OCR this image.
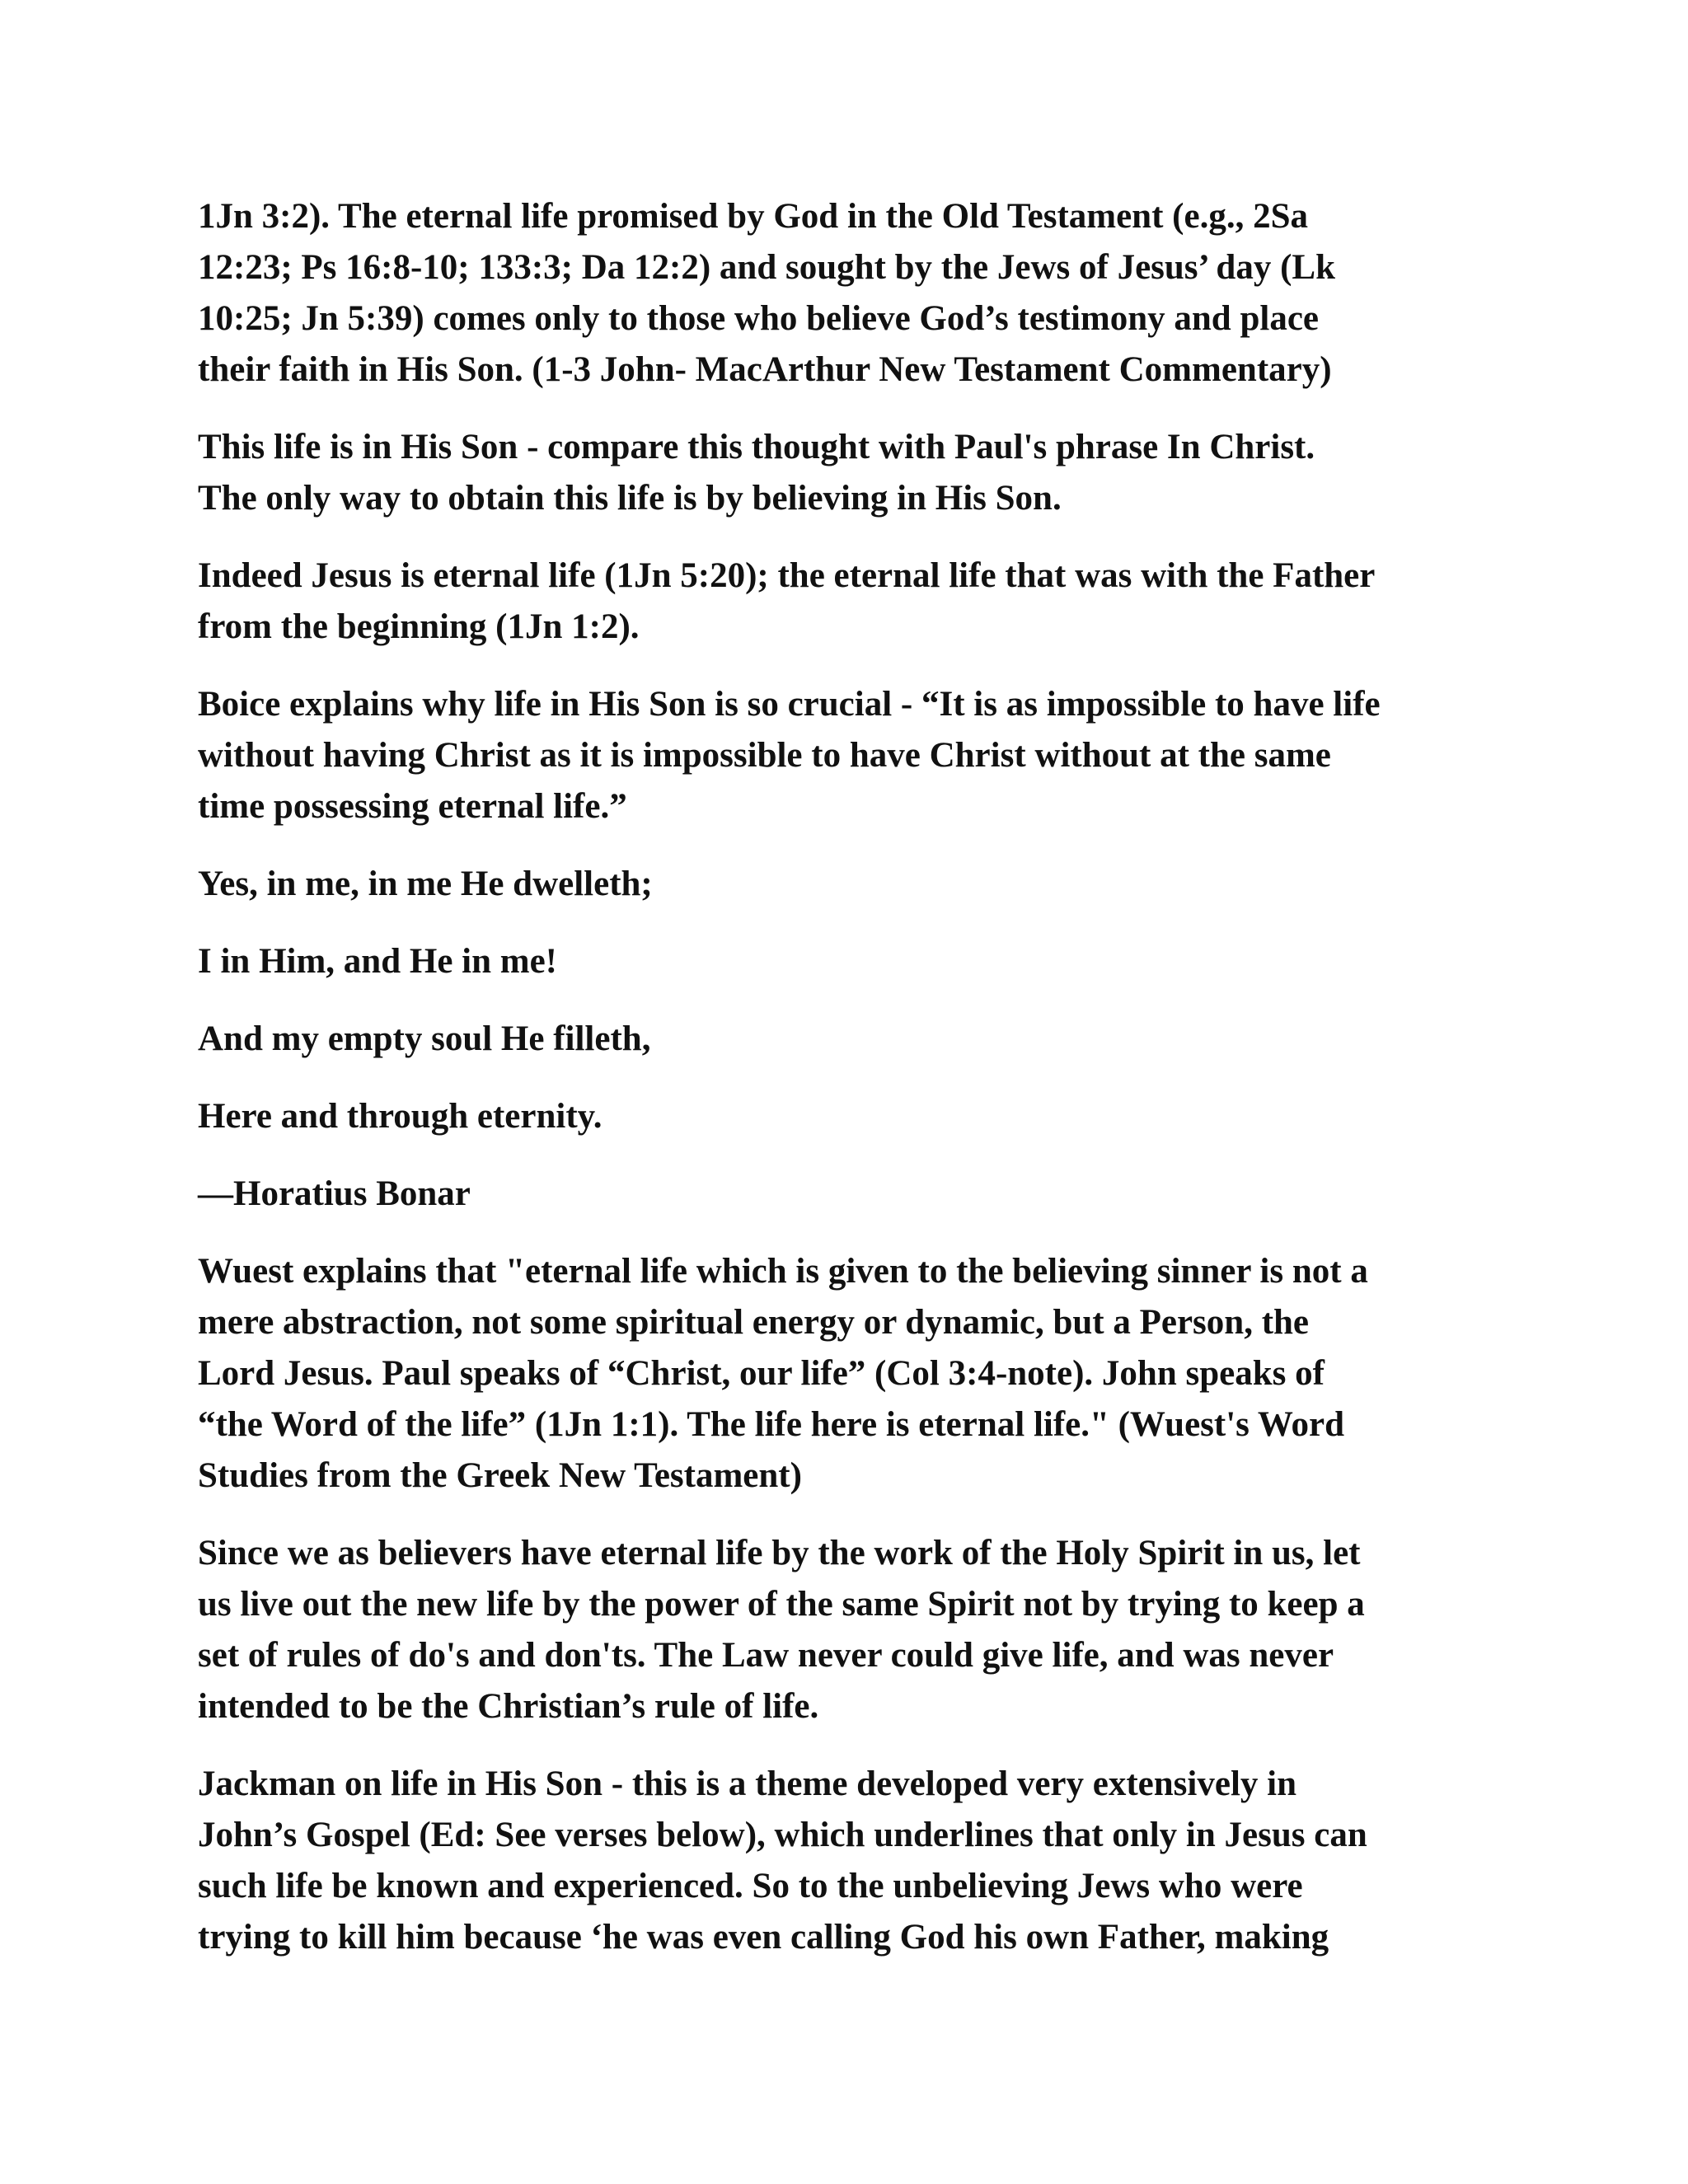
1Jn 3:2). The eternal life promised by God in the Old Testament (e.g., 2Sa
12:23; Ps 16:8-10; 133:3; Da 12:2) and sought by the Jews of Jesus’ day (Lk
10:25; Jn 5:39) comes only to those who believe God’s testimony and place
their faith in His Son. (1-3 John- MacArthur New Testament Commentary)
This life is in His Son - compare this thought with Paul's phrase In Christ.
The only way to obtain this life is by believing in His Son.
Indeed Jesus is eternal life (1Jn 5:20); the eternal life that was with the Father
from the beginning (1Jn 1:2).
Boice explains why life in His Son is so crucial - “It is as impossible to have life
without having Christ as it is impossible to have Christ without at the same
time possessing eternal life.”
Yes, in me, in me He dwelleth;
I in Him, and He in me!
And my empty soul He filleth,
Here and through eternity.
—Horatius Bonar
Wuest explains that "eternal life which is given to the believing sinner is not a
mere abstraction, not some spiritual energy or dynamic, but a Person, the
Lord Jesus. Paul speaks of “Christ, our life” (Col 3:4-note). John speaks of
“the Word of the life” (1Jn 1:1). The life here is eternal life." (Wuest's Word
Studies from the Greek New Testament)
Since we as believers have eternal life by the work of the Holy Spirit in us, let
us live out the new life by the power of the same Spirit not by trying to keep a
set of rules of do's and don'ts. The Law never could give life, and was never
intended to be the Christian’s rule of life.
Jackman on life in His Son - this is a theme developed very extensively in
John’s Gospel (Ed: See verses below), which underlines that only in Jesus can
such life be known and experienced. So to the unbelieving Jews who were
trying to kill him because ‘he was even calling God his own Father, making
